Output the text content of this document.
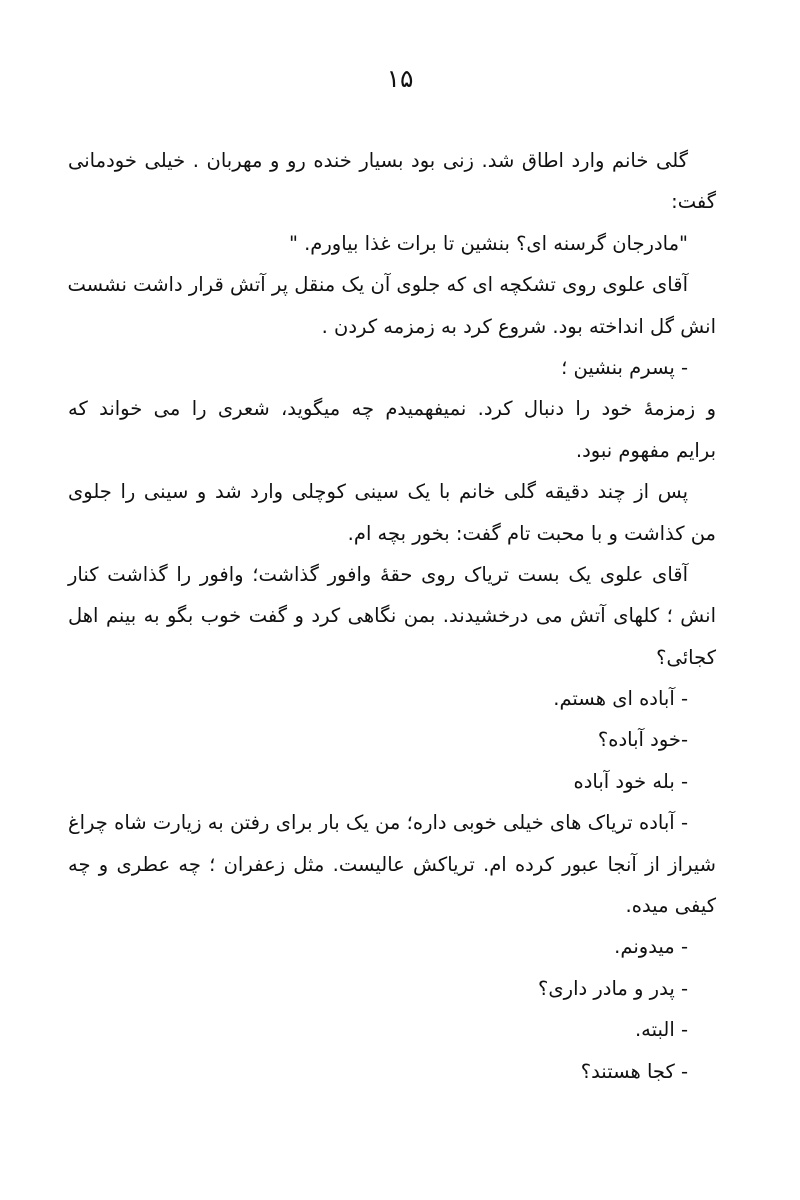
۱۵
گلی خانم وارد اطاق شد. زنی بود بسیار خنده رو و مهربان . خیلی خودمانی
گفت:
"مادرجان گرسنه ای؟ بنشین تا برات غذا بیاورم. "
آقای علوی روی تشکچه ای که جلوی آن یک منقل پر آتش قرار داشت نشست
انش گل انداخته بود. شروع کرد به زمزمه کردن .
- پسرم بنشین ؛
و زمزمهٔ خود را دنبال کرد. نمیفهمیدم چه میگوید، شعری را می خواند که
برایم مفهوم نبود.
پس از چند دقیقه گلی خانم با یک سینی کوچلی وارد شد و سینی را جلوی
من کذاشت و با محبت تام گفت: بخور بچه ام.
آقای علوی یک بست تریاک روی حقهٔ وافور گذاشت؛ وافور را گذاشت کنار
انش ؛ کلهای آتش می درخشیدند. بمن نگاهی کرد و گفت خوب بگو به بینم اهل
کجائی؟
- آباده ای هستم.
-خود آباده؟
- بله خود آباده
- آباده تریاک های خیلی خوبی داره؛ من یک بار برای رفتن به زیارت شاه چراغ
شیراز از آنجا عبور کرده ام. تریاکش عالیست. مثل زعفران ؛ چه عطری و چه
کیفی میده.
- میدونم.
- پدر و مادر داری؟
- البته.
- کجا هستند؟
